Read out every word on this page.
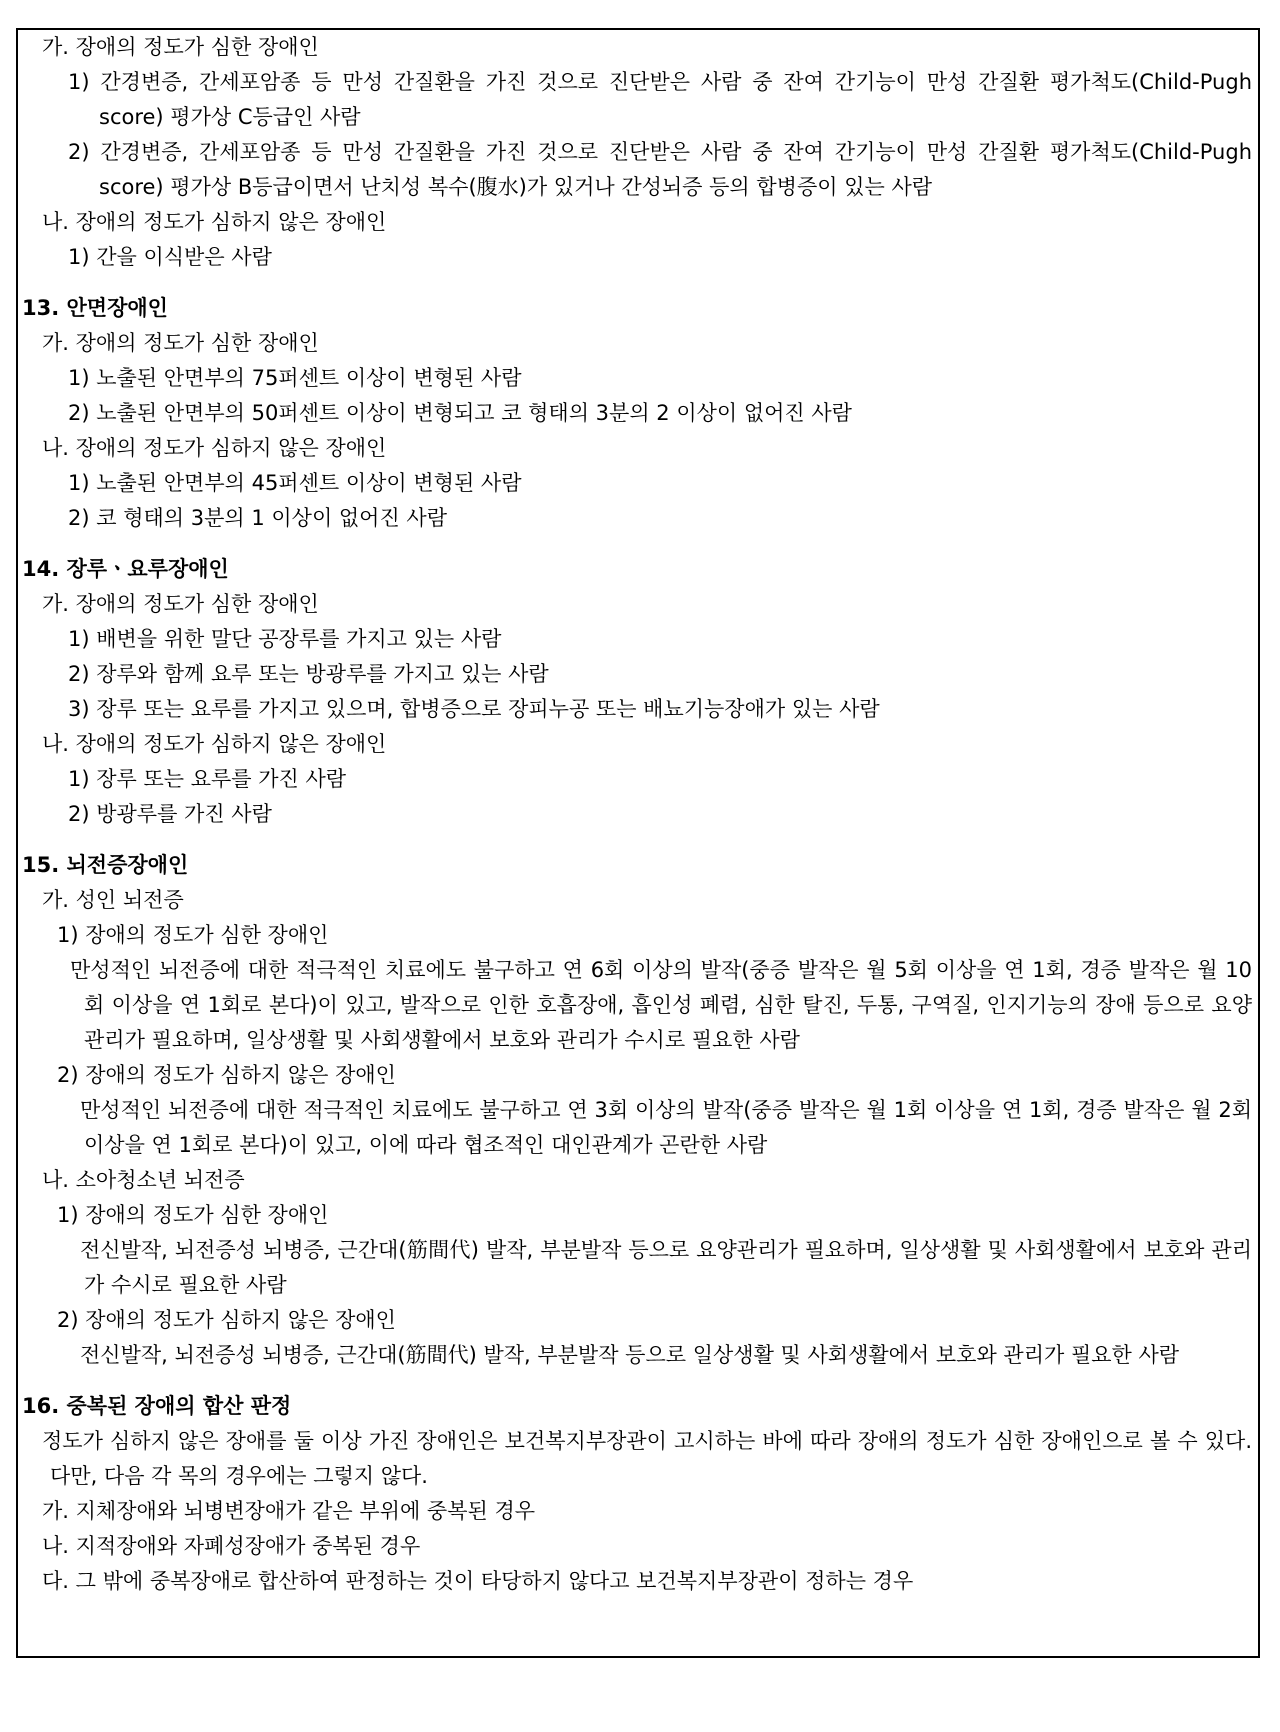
가. 장애의 정도가 심한 장애인
1) 간경변증, 간세포암종 등 만성 간질환을 가진 것으로 진단받은 사람 중 잔여 간기능이 만성 간질환 평가척도(Child-Pugh score) 평가상 C등급인 사람
2) 간경변증, 간세포암종 등 만성 간질환을 가진 것으로 진단받은 사람 중 잔여 간기능이 만성 간질환 평가척도(Child-Pugh score) 평가상 B등급이면서 난치성 복수(腹水)가 있거나 간성뇌증 등의 합병증이 있는 사람
나. 장애의 정도가 심하지 않은 장애인
1) 간을 이식받은 사람
13. 안면장애인
가. 장애의 정도가 심한 장애인
1) 노출된 안면부의 75퍼센트 이상이 변형된 사람
2) 노출된 안면부의 50퍼센트 이상이 변형되고 코 형태의 3분의 2 이상이 없어진 사람
나. 장애의 정도가 심하지 않은 장애인
1) 노출된 안면부의 45퍼센트 이상이 변형된 사람
2) 코 형태의 3분의 1 이상이 없어진 사람
14. 장루ㆍ요루장애인
가. 장애의 정도가 심한 장애인
1) 배변을 위한 말단 공장루를 가지고 있는 사람
2) 장루와 함께 요루 또는 방광루를 가지고 있는 사람
3) 장루 또는 요루를 가지고 있으며, 합병증으로 장피누공 또는 배뇨기능장애가 있는 사람
나. 장애의 정도가 심하지 않은 장애인
1) 장루 또는 요루를 가진 사람
2) 방광루를 가진 사람
15. 뇌전증장애인
가. 성인 뇌전증
1) 장애의 정도가 심한 장애인
만성적인 뇌전증에 대한 적극적인 치료에도 불구하고 연 6회 이상의 발작(중증 발작은 월 5회 이상을 연 1회, 경증 발작은 월 10회 이상을 연 1회로 본다)이 있고, 발작으로 인한 호흡장애, 흡인성 폐렴, 심한 탈진, 두통, 구역질, 인지기능의 장애 등으로 요양관리가 필요하며, 일상생활 및 사회생활에서 보호와 관리가 수시로 필요한 사람
2) 장애의 정도가 심하지 않은 장애인
만성적인 뇌전증에 대한 적극적인 치료에도 불구하고 연 3회 이상의 발작(중증 발작은 월 1회 이상을 연 1회, 경증 발작은 월 2회 이상을 연 1회로 본다)이 있고, 이에 따라 협조적인 대인관계가 곤란한 사람
나. 소아청소년 뇌전증
1) 장애의 정도가 심한 장애인
전신발작, 뇌전증성 뇌병증, 근간대(筋間代) 발작, 부분발작 등으로 요양관리가 필요하며, 일상생활 및 사회생활에서 보호와 관리가 수시로 필요한 사람
2) 장애의 정도가 심하지 않은 장애인
전신발작, 뇌전증성 뇌병증, 근간대(筋間代) 발작, 부분발작 등으로 일상생활 및 사회생활에서 보호와 관리가 필요한 사람
16. 중복된 장애의 합산 판정
정도가 심하지 않은 장애를 둘 이상 가진 장애인은 보건복지부장관이 고시하는 바에 따라 장애의 정도가 심한 장애인으로 볼 수 있다. 다만, 다음 각 목의 경우에는 그렇지 않다.
가. 지체장애와 뇌병변장애가 같은 부위에 중복된 경우
나. 지적장애와 자폐성장애가 중복된 경우
다. 그 밖에 중복장애로 합산하여 판정하는 것이 타당하지 않다고 보건복지부장관이 정하는 경우
